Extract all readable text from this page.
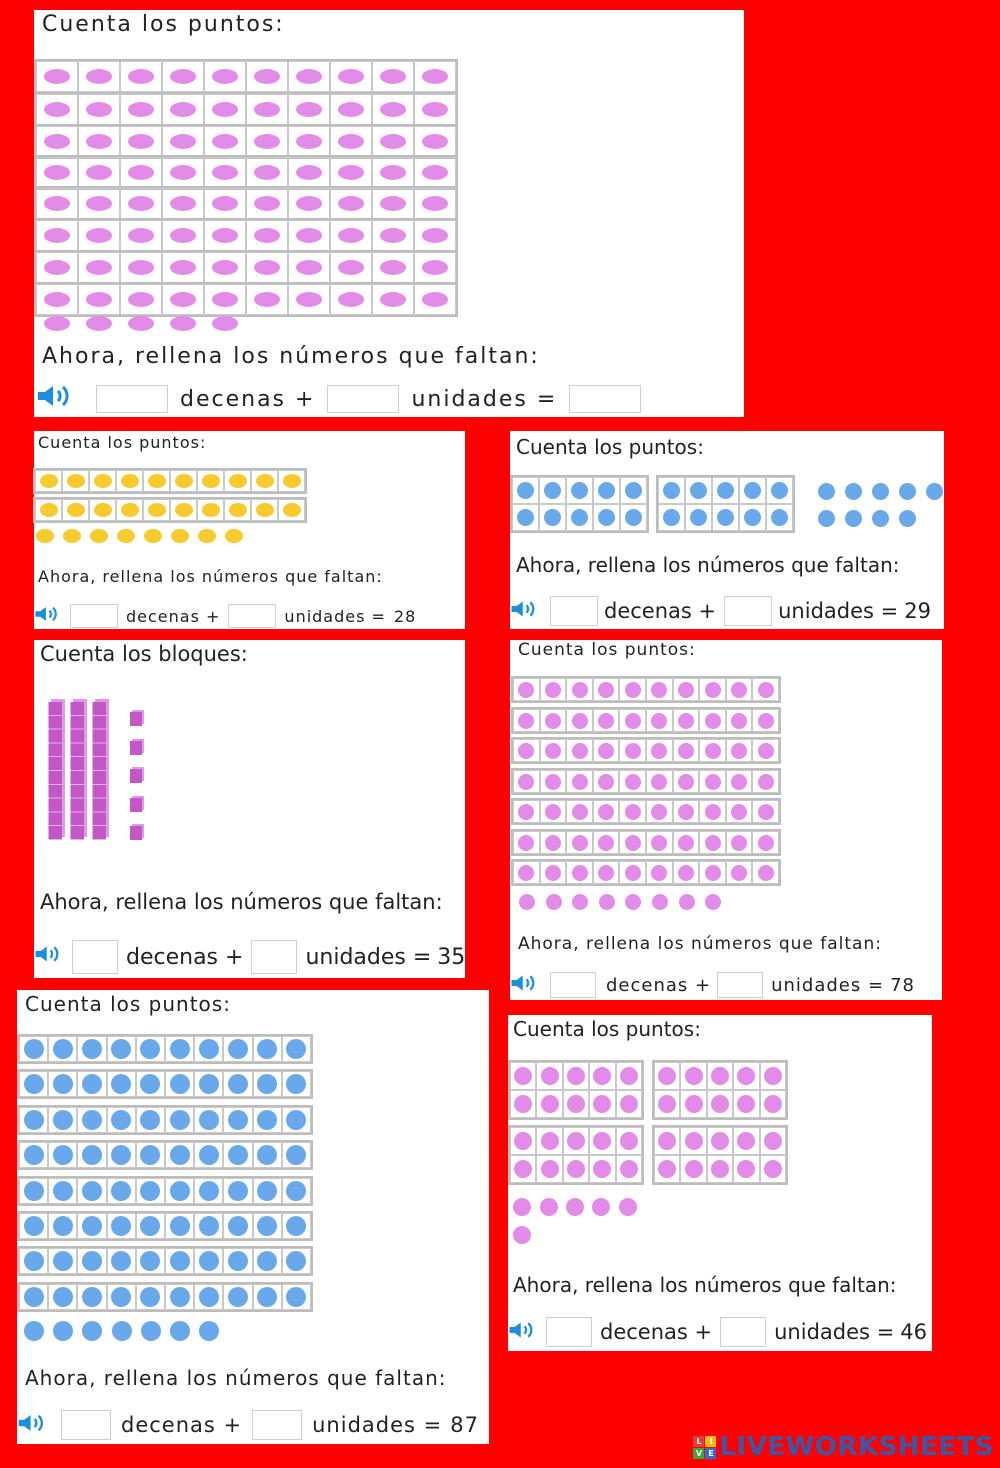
Cuenta los puntos:
Ahora, rellena los números que faltan:
decenas +	unidades =
Cuenta los puntos:
Ahora, rellena los números que faltan:
decenas +	unidades = 28
Cuenta los puntos:
Ahora, rellena los números que faltan:
decenas +	unidades = 29
Cuenta los bloques:
Ahora, rellena los números que faltan:
decenas +	unidades = 35
Cuenta los puntos:
Ahora, rellena los números que faltan:
decenas +	unidades = 78
Cuenta los puntos:
Ahora, rellena los números que faltan:
decenas +	unidades = 87
Cuenta los puntos:
Ahora, rellena los números que faltan:
decenas +	unidades = 46
L I
V E LIVEWORKSHEETS
